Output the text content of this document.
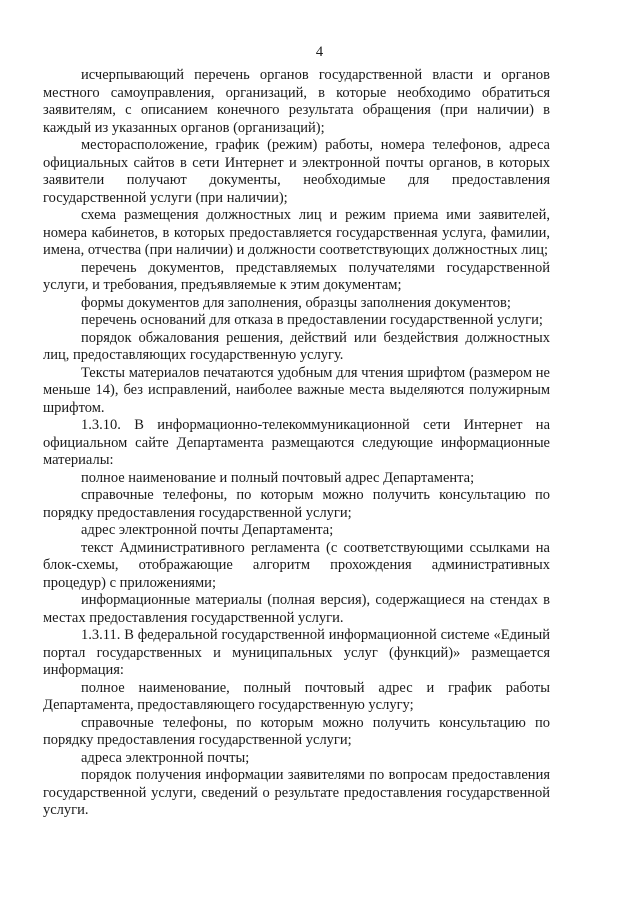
4

исчерпывающий перечень органов государственной власти и органов местного самоуправления, организаций, в которые необходимо обратиться заявителям, с описанием конечного результата обращения (при наличии) в каждый из указанных органов (организаций);

месторасположение, график (режим) работы, номера телефонов, адреса официальных сайтов в сети Интернет и электронной почты органов, в которых заявители получают документы, необходимые для предоставления государственной услуги (при наличии);

схема размещения должностных лиц и режим приема ими заявителей, номера кабинетов, в которых предоставляется государственная услуга, фамилии, имена, отчества (при наличии) и должности соответствующих должностных лиц;

перечень документов, представляемых получателями государственной услуги, и требования, предъявляемые к этим документам;

формы документов для заполнения, образцы заполнения документов;

перечень оснований для отказа в предоставлении государственной услуги;

порядок обжалования решения, действий или бездействия должностных лиц, предоставляющих государственную услугу.

Тексты материалов печатаются удобным для чтения шрифтом (размером не меньше 14), без исправлений, наиболее важные места выделяются полужирным шрифтом.

1.3.10. В информационно-телекоммуникационной сети Интернет на официальном сайте Департамента размещаются следующие информационные материалы:

полное наименование и полный почтовый адрес Департамента;

справочные телефоны, по которым можно получить консультацию по порядку предоставления государственной услуги;

адрес электронной почты Департамента;

текст Административного регламента (с соответствующими ссылками на блок-схемы, отображающие алгоритм прохождения административных процедур) с приложениями;

информационные материалы (полная версия), содержащиеся на стендах в местах предоставления государственной услуги.

1.3.11. В федеральной государственной информационной системе «Единый портал государственных и муниципальных услуг (функций)» размещается информация:

полное наименование, полный почтовый адрес и график работы Департамента, предоставляющего государственную услугу;

справочные телефоны, по которым можно получить консультацию по порядку предоставления государственной услуги;

адреса электронной почты;

порядок получения информации заявителями по вопросам предоставления государственной услуги, сведений о результате предоставления государственной услуги.
